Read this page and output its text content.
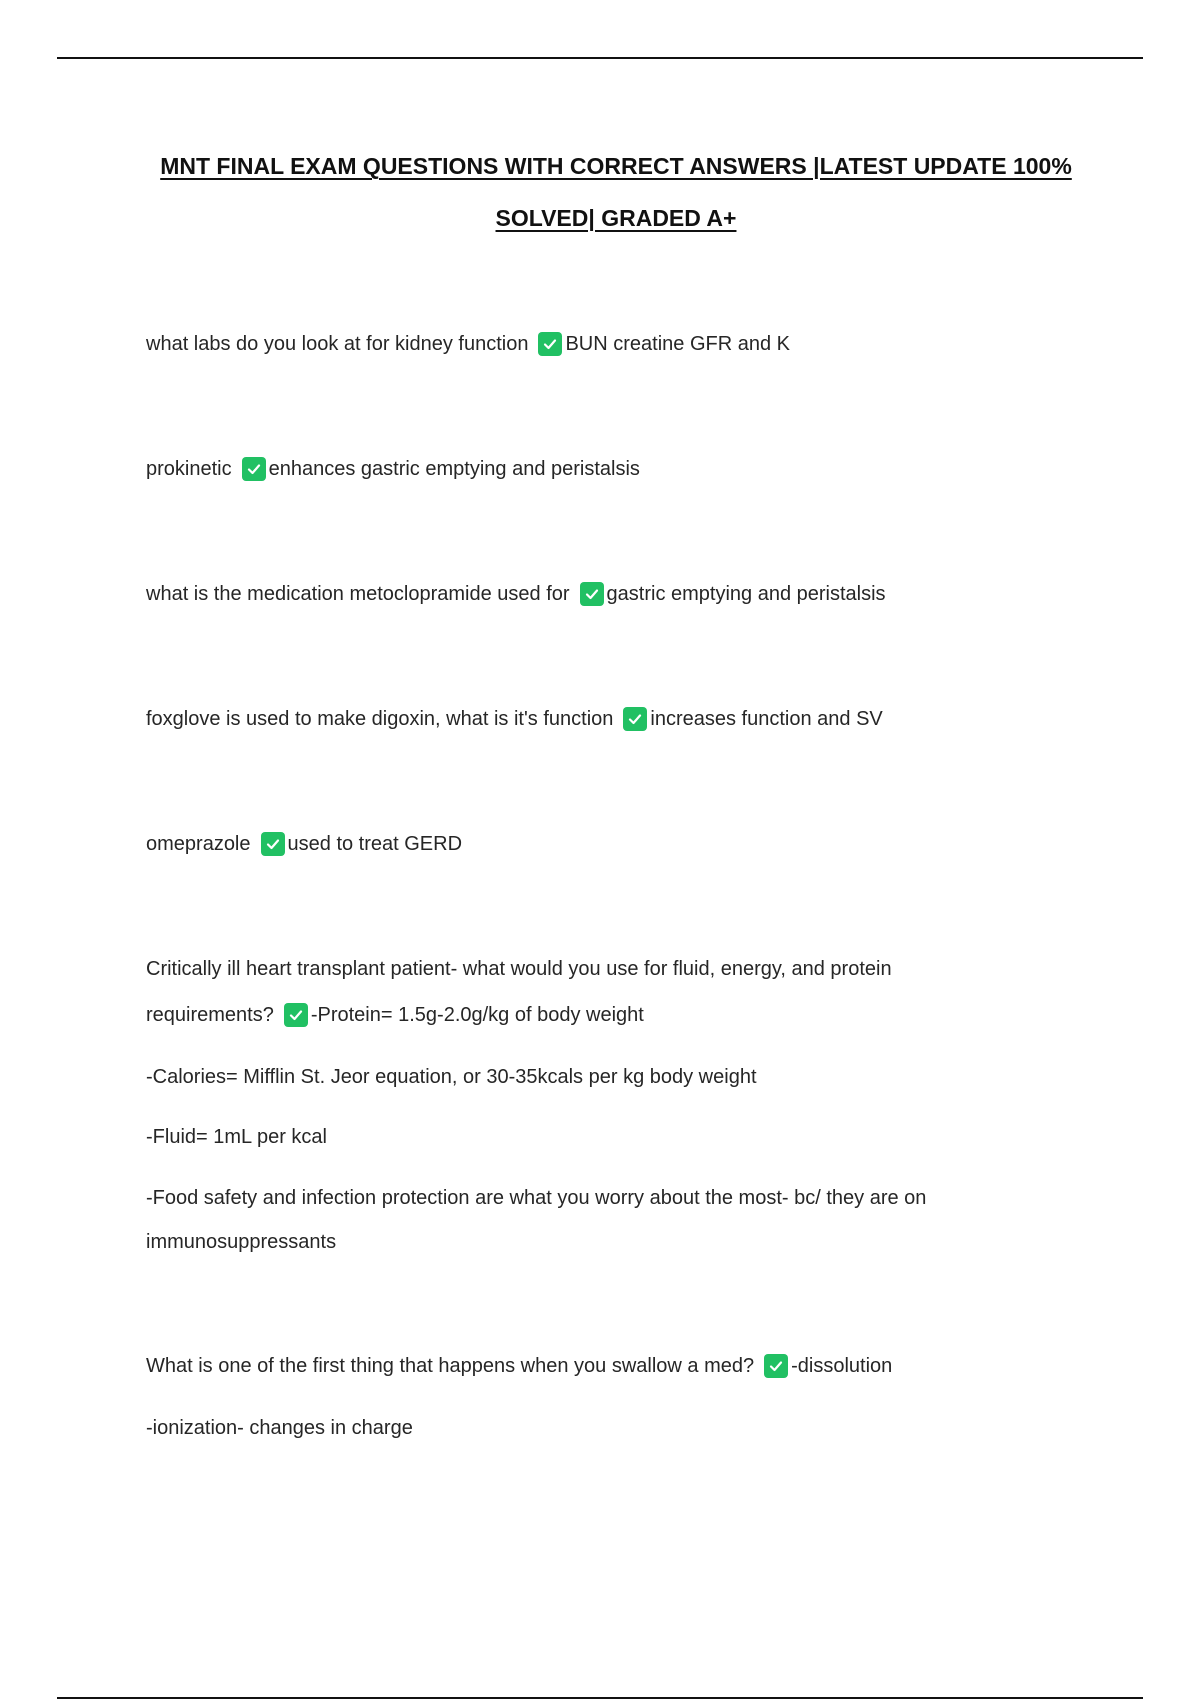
MNT FINAL EXAM QUESTIONS WITH CORRECT ANSWERS |LATEST UPDATE 100%
SOLVED| GRADED A+
what labs do you look at for kidney function BUN creatine GFR and K
prokinetic enhances gastric emptying and peristalsis
what is the medication metoclopramide used for gastric emptying and peristalsis
foxglove is used to make digoxin, what is it's function increases function and SV
omeprazole used to treat GERD
Critically ill heart transplant patient- what would you use for fluid, energy, and protein
requirements? -Protein= 1.5g-2.0g/kg of body weight
-Calories= Mifflin St. Jeor equation, or 30-35kcals per kg body weight
-Fluid= 1mL per kcal
-Food safety and infection protection are what you worry about the most- bc/ they are on
immunosuppressants
What is one of the first thing that happens when you swallow a med? -dissolution
-ionization- changes in charge
